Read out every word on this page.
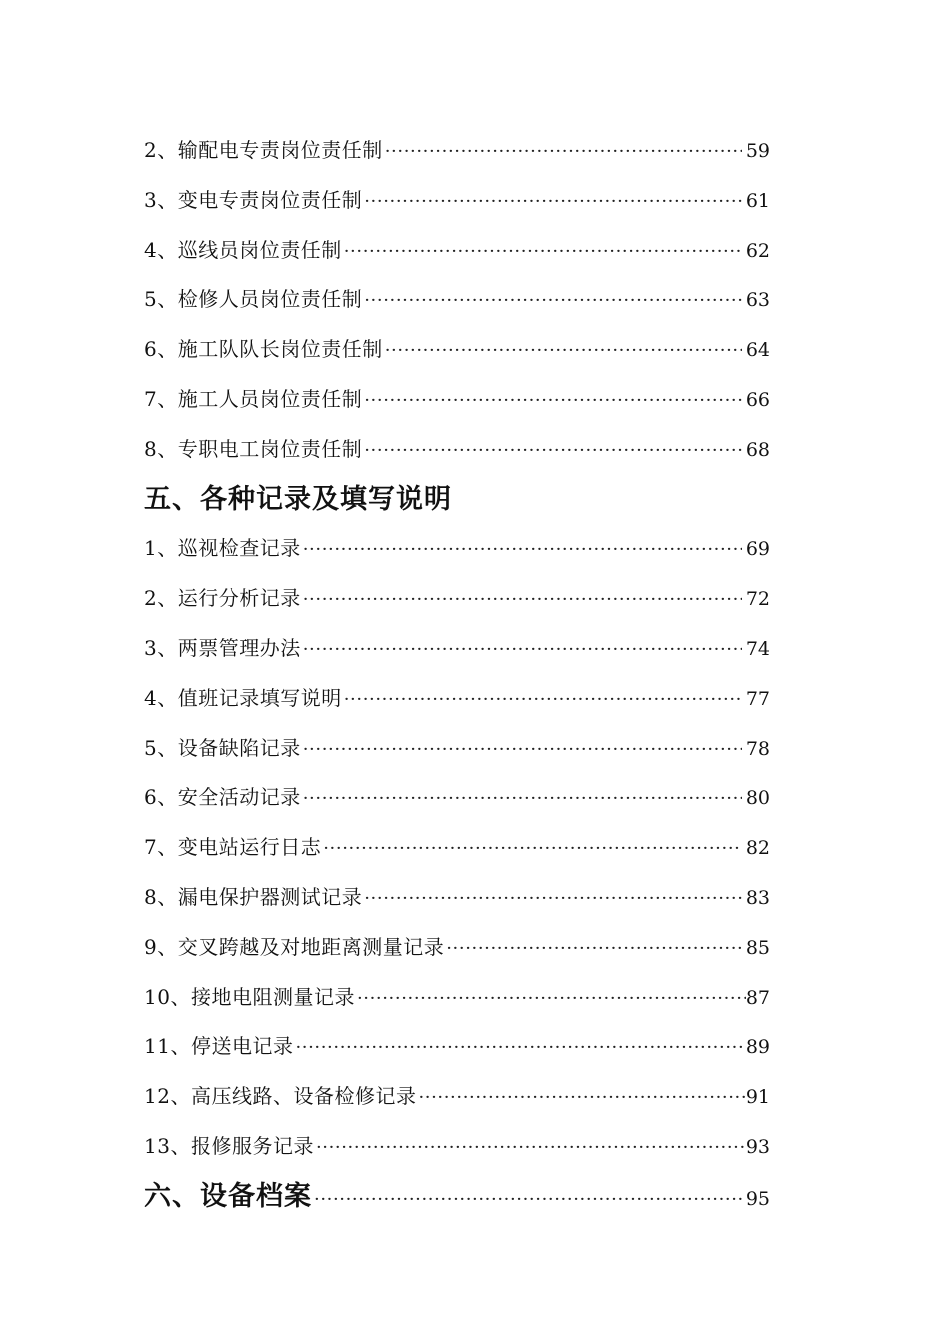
2、输配电专责岗位责任制 ·····	59
3、变电专责岗位责任制 ·····	61
4、巡线员岗位责任制 ·····	62
5、检修人员岗位责任制 ·····	63
6、施工队队长岗位责任制 ·····	64
7、施工人员岗位责任制 ·····	66
8、专职电工岗位责任制 ·····	68
五、各种记录及填写说明
1、巡视检查记录 ·····	69
2、运行分析记录 ·····	72
3、两票管理办法 ·····	74
4、值班记录填写说明 ·····	77
5、设备缺陷记录 ·····	78
6、安全活动记录 ·····	80
7、变电站运行日志 ·····	82
8、漏电保护器测试记录 ·····	83
9、交叉跨越及对地距离测量记录 ·····	85
10、接地电阻测量记录 ·····	87
11、停送电记录 ·····	89
12、高压线路、设备检修记录 ·····	91
13、报修服务记录 ·····	93
六、设备档案 ·····	95
